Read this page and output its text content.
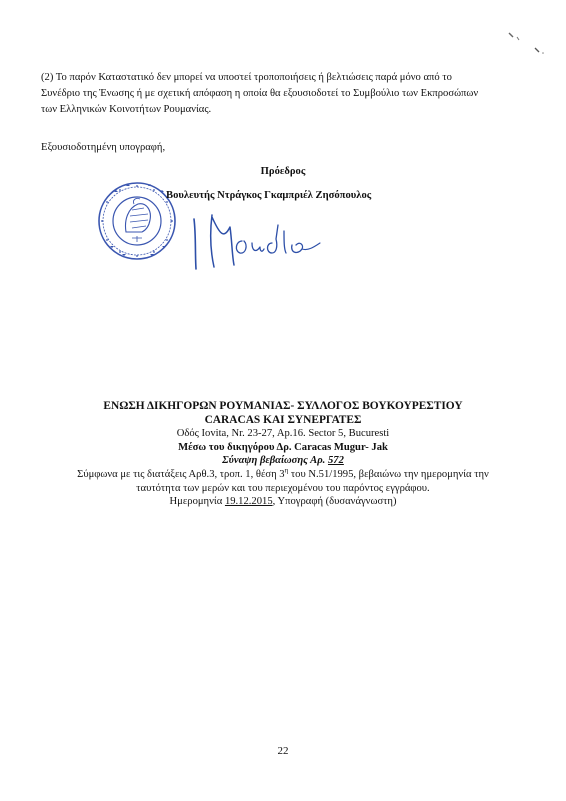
(2) Το παρόν Καταστατικό δεν μπορεί να υποστεί τροποποιήσεις ή βελτιώσεις παρά μόνο από το
Συνέδριο της Ένωσης ή με σχετική απόφαση η οποία θα εξουσιοδοτεί το Συμβούλιο των Εκπροσώπων
των Ελληνικών Κοινοτήτων Ρουμανίας.
Εξουσιοδοτημένη υπογραφή,
Πρόεδρος
Βουλευτής Ντράγκος Γκαμπριέλ Ζησόπουλος
ΕΝΩΣΗ ΔΙΚΗΓΟΡΩΝ ΡΟΥΜΑΝΙΑΣ- ΣΥΛΛΟΓΟΣ ΒΟΥΚΟΥΡΕΣΤΙΟΥ
CARACAS ΚΑΙ ΣΥΝΕΡΓΑΤΕΣ
Οδός Iovita, Nr. 23-27, Ap.16. Sector 5, Bucuresti
Μέσω του δικηγόρου Δρ. Caracas Mugur- Jak
Σύναψη βεβαίωσης Αρ. 572
Σύμφωνα με τις διατάξεις Αρθ.3, τροπ. 1, θέση $3^\eta$ του N.51/1995, βεβαιώνω την ημερομηνία την
ταυτότητα των μερών και του περιεχομένου του παρόντος εγγράφου.
Ημερομηνία 19.12.2015, Υπογραφή (δυσανάγνωστη)
22
